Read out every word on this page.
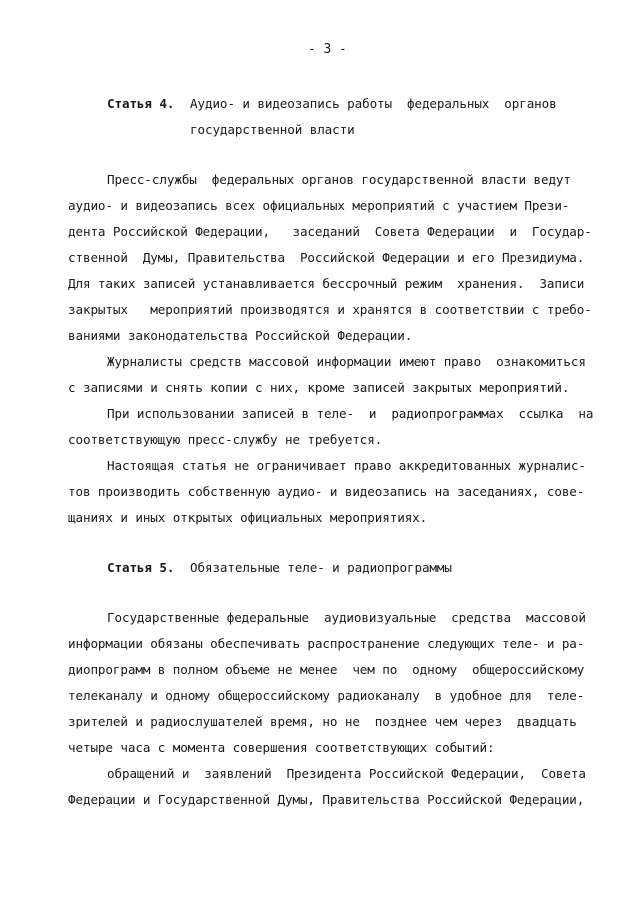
- 3 -
Статья 4. Аудио- и видеозапись работы  федеральных  органов
государственной власти
Пресс-службы  федеральных органов государственной власти ведут
аудио- и видеозапись всех официальных мероприятий с участием Прези-
дента Российской Федерации,   заседаний  Совета Федерации  и  Государ-
ственной  Думы, Правительства  Российской Федерации и его Президиума.
Для таких записей устанавливается бессрочный режим  хранения.  Записи
закрытых   мероприятий производятся и хранятся в соответствии с требо-
ваниями законодательства Российской Федерации.
Журналисты средств массовой информации имеют право  ознакомиться
с записями и снять копии с них, кроме записей закрытых мероприятий.
При использовании записей в теле-  и  радиопрограммах  ссылка  на
соответствующую пресс-службу не требуется.
Настоящая статья не ограничивает право аккредитованных журналис-
тов производить собственную аудио- и видеозапись на заседаниях, сове-
щаниях и иных открытых официальных мероприятиях.
Статья 5. Обязательные теле- и радиопрограммы
Государственные федеральные  аудиовизуальные  средства  массовой
информации обязаны обеспечивать распространение следующих теле- и ра-
диопрограмм в полном объеме не менее  чем по  одному  общероссийскому
телеканалу и одному общероссийскому радиоканалу  в удобное для  теле-
зрителей и радиослушателей время, но не  позднее чем через  двадцать
четыре часа с момента совершения соответствующих событий:
обращений и  заявлений  Президента Российской Федерации,  Совета
Федерации и Государственной Думы, Правительства Российской Федерации,
